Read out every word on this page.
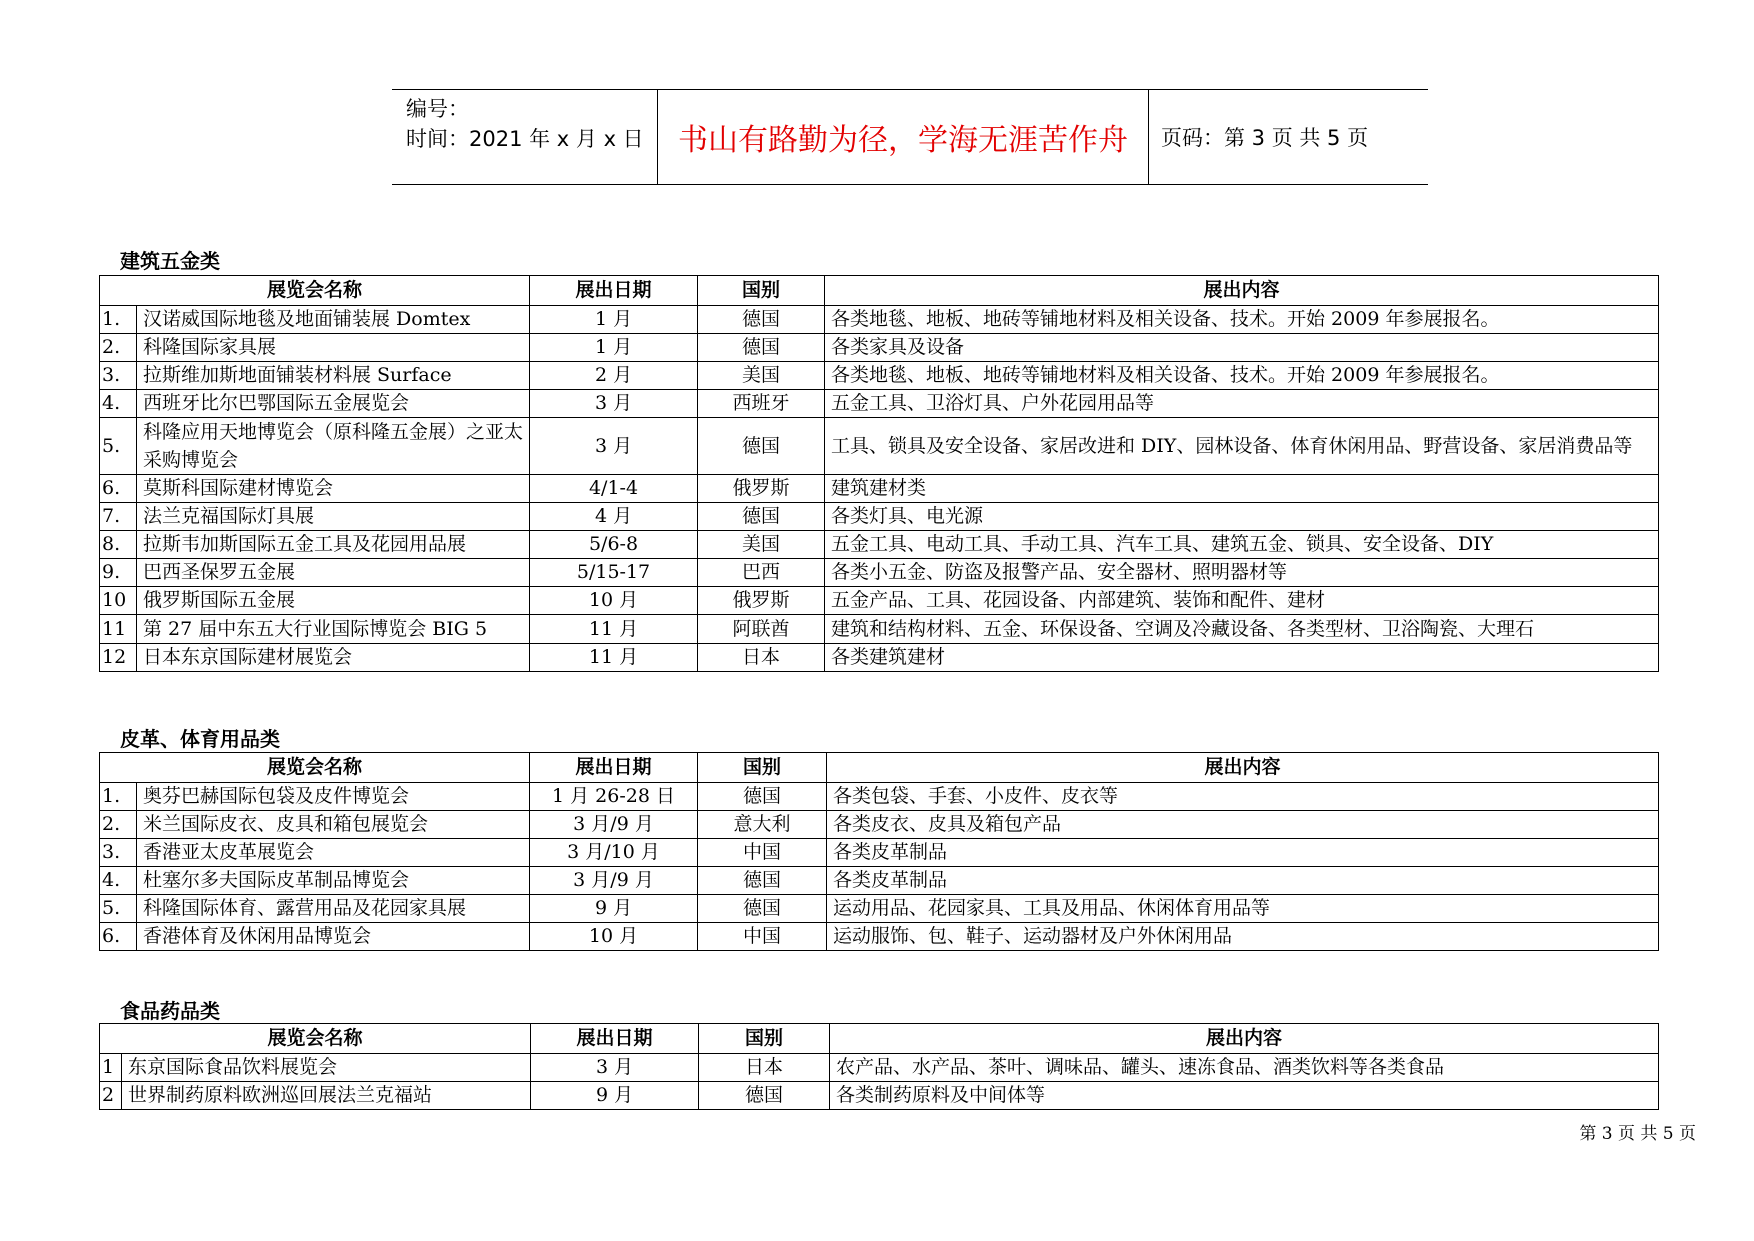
编号：
时间：2021 年 x 月 x 日	书山有路勤为径，学海无涯苦作舟	页码：第 3 页 共 5 页
建筑五金类
展览会名称		展出日期	国别	展出内容
1.	汉诺威国际地毯及地面铺装展 Domtex	1 月	德国	各类地毯、地板、地砖等铺地材料及相关设备、技术。开始 2009 年参展报名。
2.	科隆国际家具展	1 月	德国	各类家具及设备
3.	拉斯维加斯地面铺装材料展 Surface	2 月	美国	各类地毯、地板、地砖等铺地材料及相关设备、技术。开始 2009 年参展报名。
4.	西班牙比尔巴鄂国际五金展览会	3 月	西班牙	五金工具、卫浴灯具、户外花园用品等
5.	科隆应用天地博览会（原科隆五金展）之亚太采购博览会	3 月	德国	工具、锁具及安全设备、家居改进和 DIY、园林设备、体育休闲用品、野营设备、家居消费品等
6.	莫斯科国际建材博览会	4/1-4	俄罗斯	建筑建材类
7.	法兰克福国际灯具展	4 月	德国	各类灯具、电光源
8.	拉斯韦加斯国际五金工具及花园用品展	5/6-8	美国	五金工具、电动工具、手动工具、汽车工具、建筑五金、锁具、安全设备、DIY
9.	巴西圣保罗五金展	5/15-17	巴西	各类小五金、防盗及报警产品、安全器材、照明器材等
10	俄罗斯国际五金展	10 月	俄罗斯	五金产品、工具、花园设备、内部建筑、装饰和配件、建材
11	第 27 届中东五大行业国际博览会 BIG 5	11 月	阿联酋	建筑和结构材料、五金、环保设备、空调及冷藏设备、各类型材、卫浴陶瓷、大理石
12	日本东京国际建材展览会	11 月	日本	各类建筑建材
皮革、体育用品类
展览会名称		展出日期	国别	展出内容
1.	奥芬巴赫国际包袋及皮件博览会	1 月 26-28 日	德国	各类包袋、手套、小皮件、皮衣等
2.	米兰国际皮衣、皮具和箱包展览会	3 月/9 月	意大利	各类皮衣、皮具及箱包产品
3.	香港亚太皮革展览会	3 月/10 月	中国	各类皮革制品
4.	杜塞尔多夫国际皮革制品博览会	3 月/9 月	德国	各类皮革制品
5.	科隆国际体育、露营用品及花园家具展	9 月	德国	运动用品、花园家具、工具及用品、休闲体育用品等
6.	香港体育及休闲用品博览会	10 月	中国	运动服饰、包、鞋子、运动器材及户外休闲用品
食品药品类
展览会名称		展出日期	国别	展出内容
1	东京国际食品饮料展览会	3 月	日本	农产品、水产品、茶叶、调味品、罐头、速冻食品、酒类饮料等各类食品
2	世界制药原料欧洲巡回展法兰克福站	9 月	德国	各类制药原料及中间体等
第 3 页 共 5 页
